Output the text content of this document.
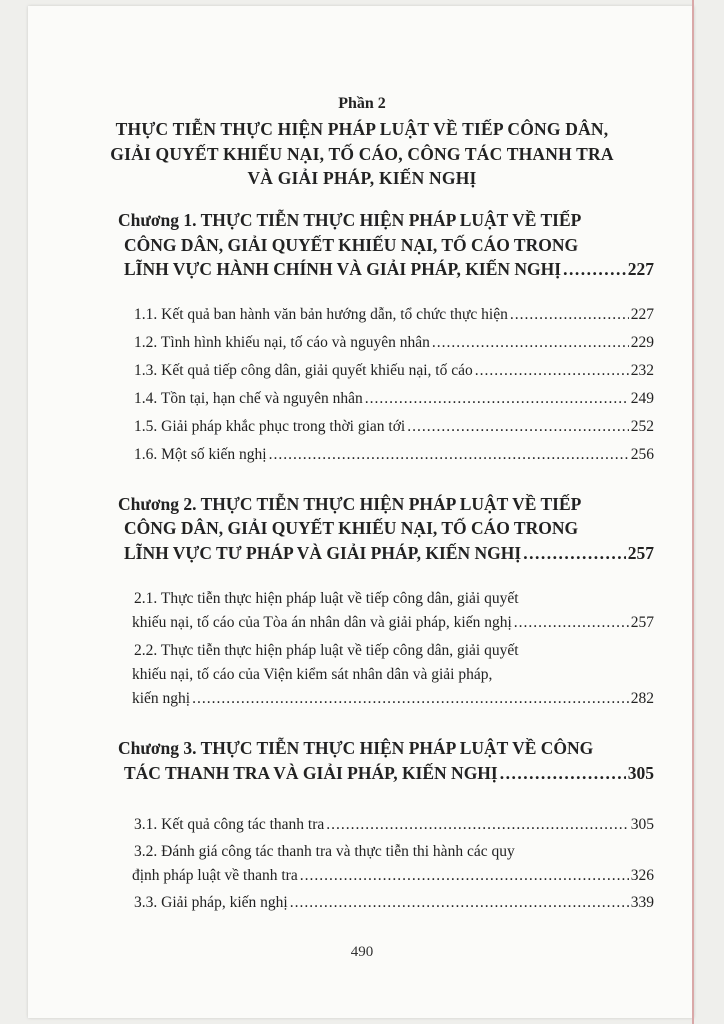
Phần 2
THỰC TIỄN THỰC HIỆN PHÁP LUẬT VỀ TIẾP CÔNG DÂN,
GIẢI QUYẾT KHIẾU NẠI, TỐ CÁO, CÔNG TÁC THANH TRA
VÀ GIẢI PHÁP, KIẾN NGHỊ
Chương 1. THỰC TIỄN THỰC HIỆN PHÁP LUẬT VỀ TIẾP
CÔNG DÂN, GIẢI QUYẾT KHIẾU NẠI, TỐ CÁO TRONG
LĨNH VỰC HÀNH CHÍNH VÀ GIẢI PHÁP, KIẾN NGHỊ .....	227
1.1. Kết quả ban hành văn bản hướng dẫn, tổ chức thực hiện .....	227
1.2. Tình hình khiếu nại, tố cáo và nguyên nhân .....	229
1.3. Kết quả tiếp công dân, giải quyết khiếu nại, tố cáo .....	232
1.4. Tồn tại, hạn chế và nguyên nhân .....	249
1.5. Giải pháp khắc phục trong thời gian tới .....	252
1.6. Một số kiến nghị .....	256
Chương 2. THỰC TIỄN THỰC HIỆN PHÁP LUẬT VỀ TIẾP
CÔNG DÂN, GIẢI QUYẾT KHIẾU NẠI, TỐ CÁO TRONG
LĨNH VỰC TƯ PHÁP VÀ GIẢI PHÁP, KIẾN NGHỊ .....	257
2.1. Thực tiễn thực hiện pháp luật về tiếp công dân, giải quyết
khiếu nại, tố cáo của Tòa án nhân dân và giải pháp, kiến nghị .....	257
2.2. Thực tiễn thực hiện pháp luật về tiếp công dân, giải quyết
khiếu nại, tố cáo của Viện kiểm sát nhân dân và giải pháp,
kiến nghị .....	282
Chương 3. THỰC TIỄN THỰC HIỆN PHÁP LUẬT VỀ CÔNG
TÁC THANH TRA VÀ GIẢI PHÁP, KIẾN NGHỊ .....	305
3.1. Kết quả công tác thanh tra .....	305
3.2. Đánh giá công tác thanh tra và thực tiễn thi hành các quy
định pháp luật về thanh tra .....	326
3.3. Giải pháp, kiến nghị .....	339
490
